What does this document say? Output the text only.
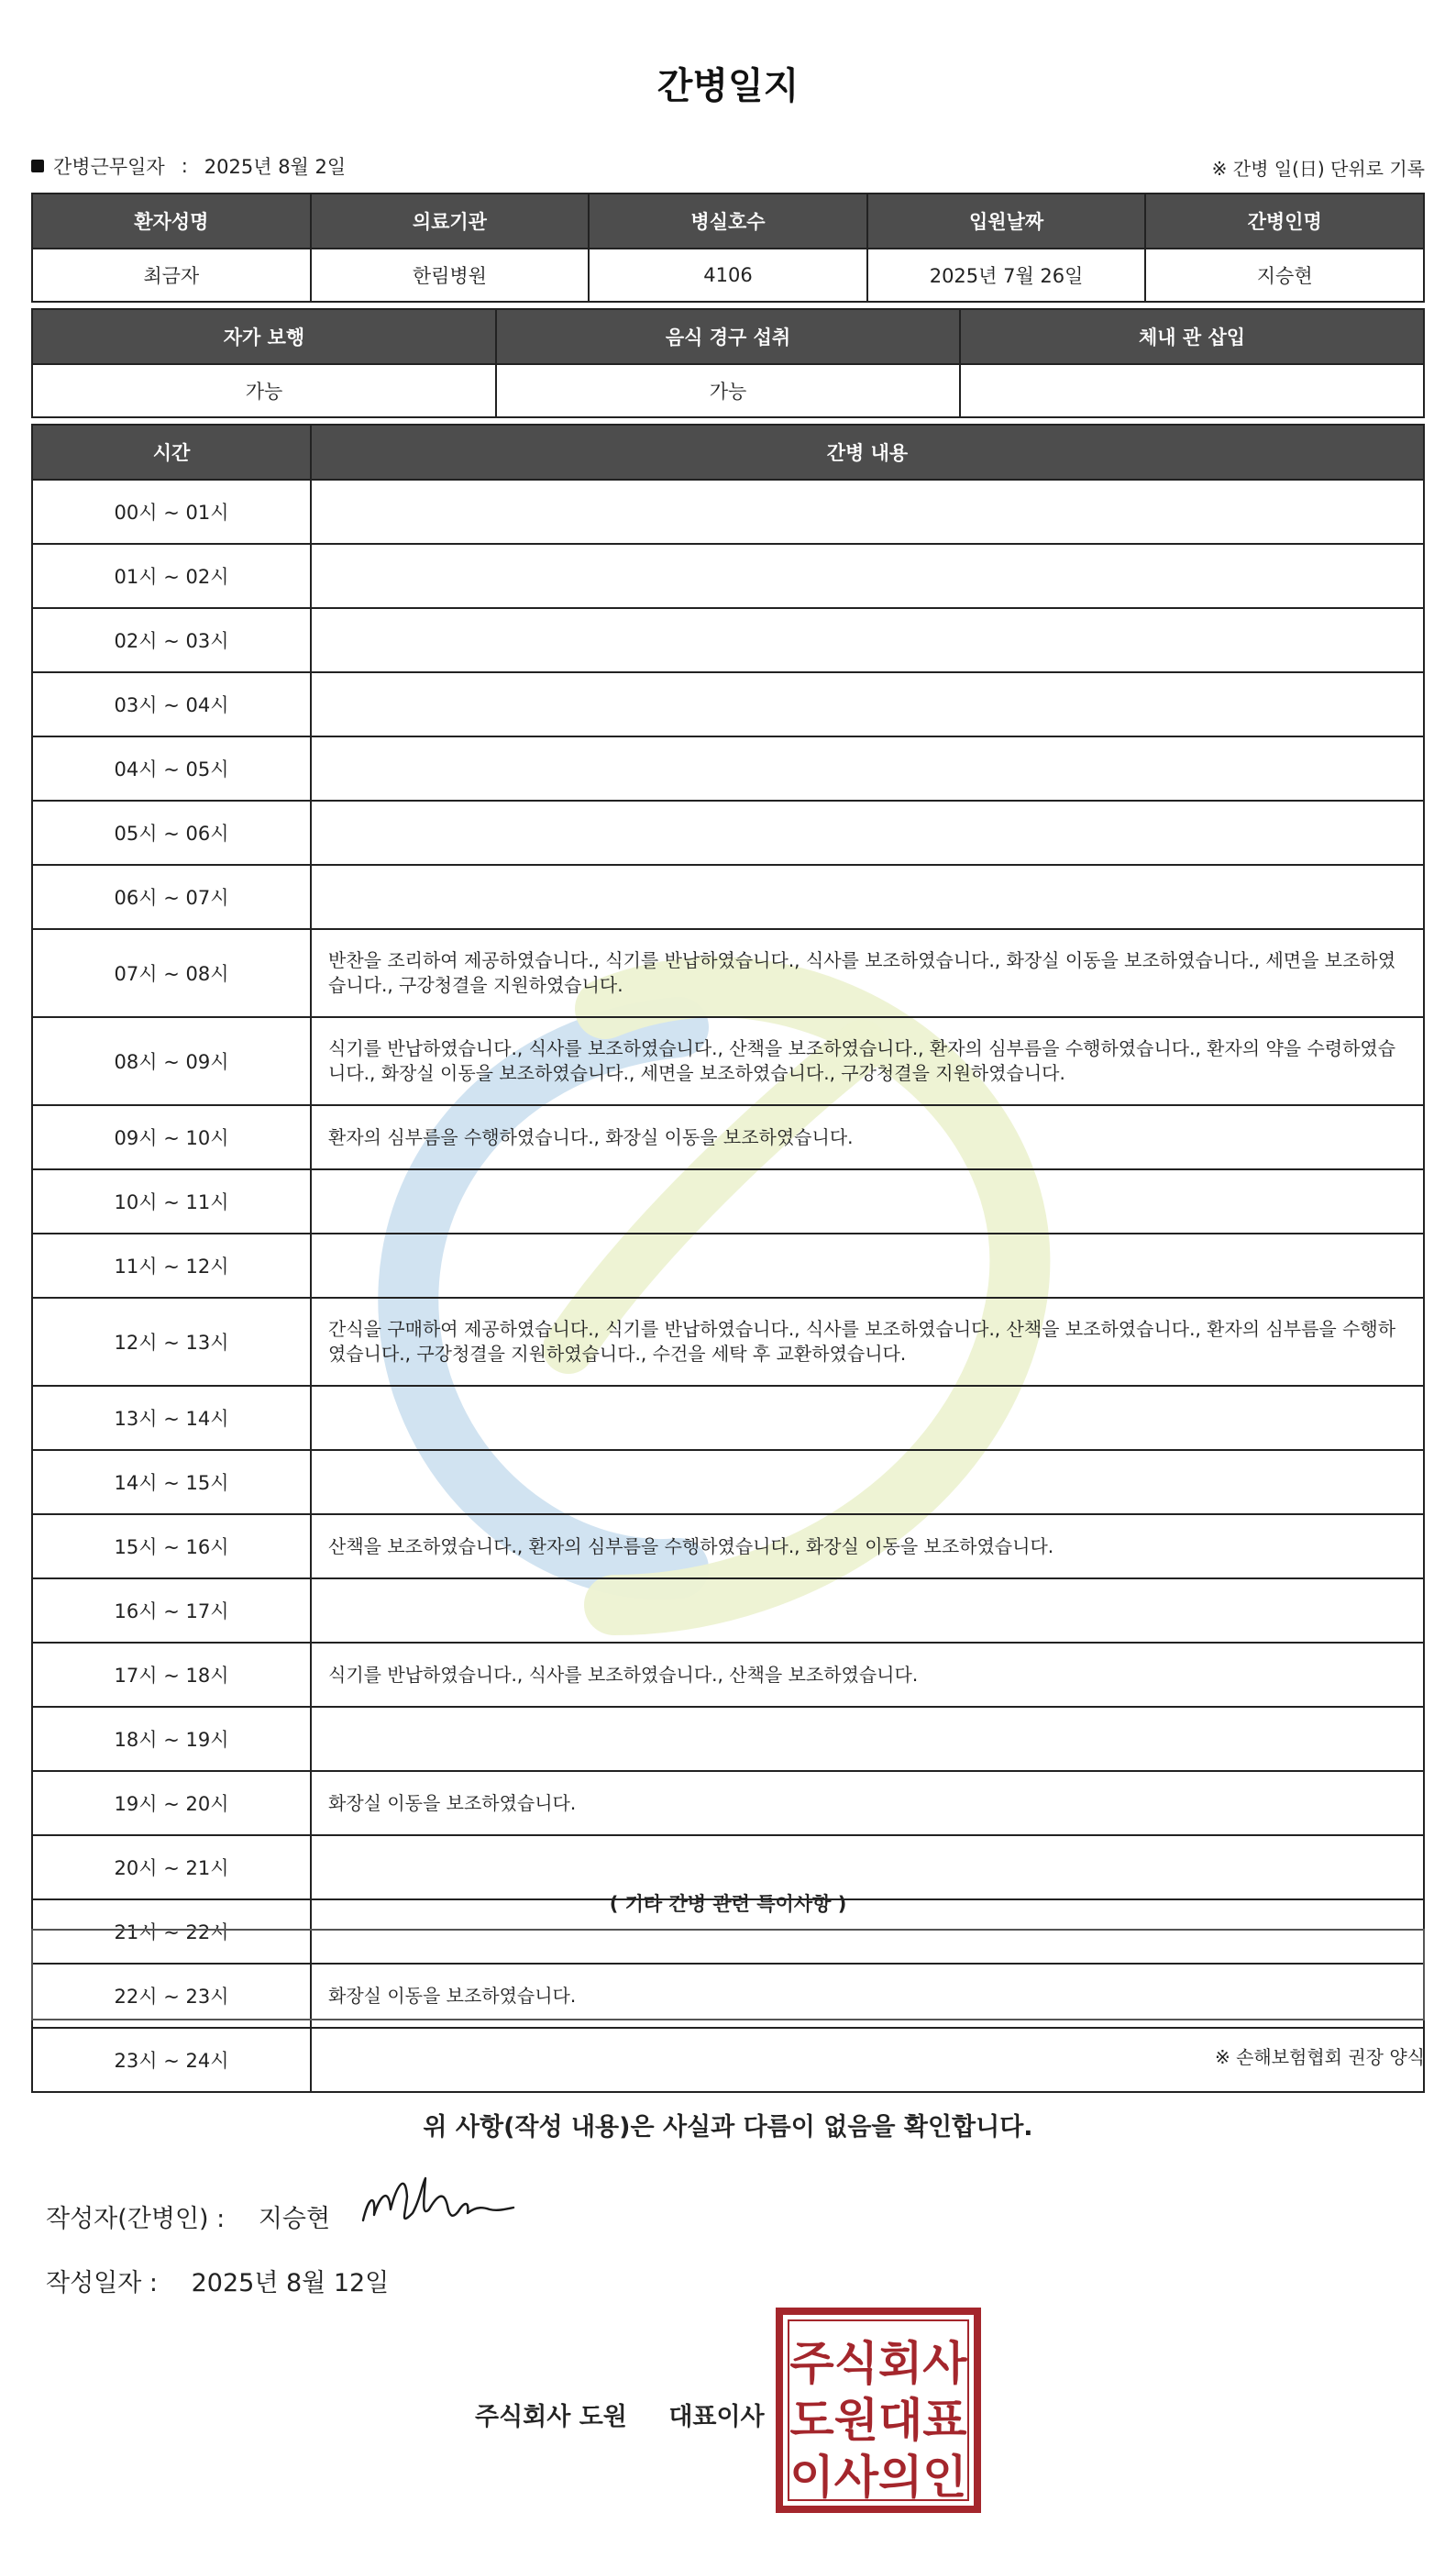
간병일지
간병근무일자 : 2025년 8월 2일	※ 간병 일(日) 단위로 기록
환자성명	의료기관	병실호수	입원날짜	간병인명
최금자	한림병원	4106	2025년 7월 26일	지승현
자가 보행	음식 경구 섭취	체내 관 삽입
가능	가능	
시간	간병 내용
00시 ~ 01시	
01시 ~ 02시	
02시 ~ 03시	
03시 ~ 04시	
04시 ~ 05시	
05시 ~ 06시	
06시 ~ 07시	
07시 ~ 08시	반찬을 조리하여 제공하였습니다., 식기를 반납하였습니다., 식사를 보조하였습니다., 화장실 이동을 보조하였습니다., 세면을 보조하였습니다., 구강청결을 지원하였습니다.
08시 ~ 09시	식기를 반납하였습니다., 식사를 보조하였습니다., 산책을 보조하였습니다., 환자의 심부름을 수행하였습니다., 환자의 약을 수령하였습니다., 화장실 이동을 보조하였습니다., 세면을 보조하였습니다., 구강청결을 지원하였습니다.
09시 ~ 10시	환자의 심부름을 수행하였습니다., 화장실 이동을 보조하였습니다.
10시 ~ 11시	
11시 ~ 12시	
12시 ~ 13시	간식을 구매하여 제공하였습니다., 식기를 반납하였습니다., 식사를 보조하였습니다., 산책을 보조하였습니다., 환자의 심부름을 수행하였습니다., 구강청결을 지원하였습니다., 수건을 세탁 후 교환하였습니다.
13시 ~ 14시	
14시 ~ 15시	
15시 ~ 16시	산책을 보조하였습니다., 환자의 심부름을 수행하였습니다., 화장실 이동을 보조하였습니다.
16시 ~ 17시	
17시 ~ 18시	식기를 반납하였습니다., 식사를 보조하였습니다., 산책을 보조하였습니다.
18시 ~ 19시	
19시 ~ 20시	화장실 이동을 보조하였습니다.
20시 ~ 21시	
21시 ~ 22시	
22시 ~ 23시	화장실 이동을 보조하였습니다.
23시 ~ 24시	
( 기타 간병 관련 특이사항 )
※ 손해보험협회 권장 양식
위 사항(작성 내용)은 사실과 다름이 없음을 확인합니다.
작성자(간병인) : 지승현
작성일자 : 2025년 8월 12일
주식회사 도원 대표이사
주식회사
도원대표
이사의인
